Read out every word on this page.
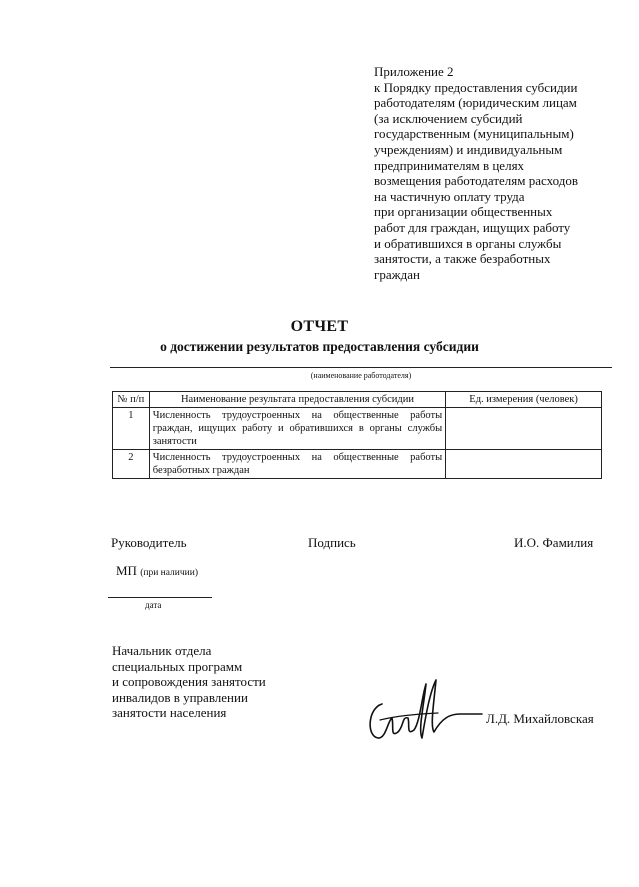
Приложение 2
к Порядку предоставления субсидии
работодателям (юридическим лицам
(за исключением субсидий
государственным (муниципальным)
учреждениям) и индивидуальным
предпринимателям в целях
возмещения работодателям расходов
на частичную оплату труда
при организации общественных
работ для граждан, ищущих работу
и обратившихся в органы службы
занятости, а также безработных
граждан
ОТЧЕТ
о достижении результатов предоставления субсидии
(наименование работодателя)
№ п/п	Наименование результата предоставления субсидии	Ед. измерения (человек)
1	Численность трудоустроенных на общественные работы граждан, ищущих работу и обратившихся в органы службы занятости	
2	Численность трудоустроенных на общественные работы безработных граждан	
Руководитель	Подпись	И.О. Фамилия
МП (при наличии)
дата
Начальник отдела
специальных программ
и сопровождения занятости
инвалидов в управлении
занятости населения	Л.Д. Михайловская
